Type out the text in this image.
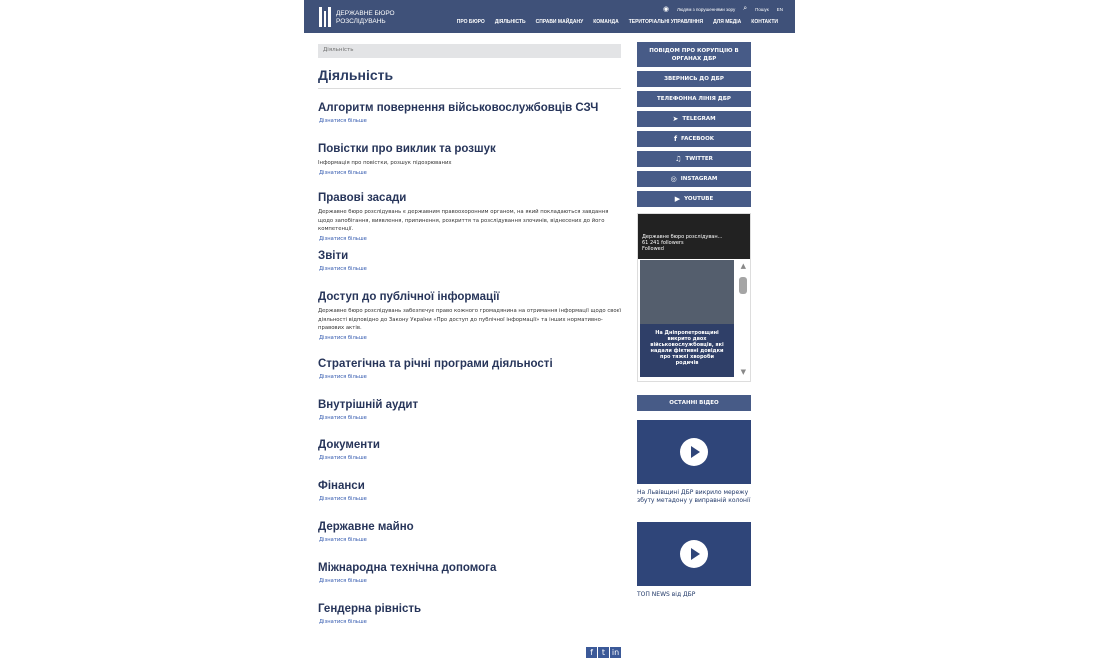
ДЕРЖАВНЕ БЮРО
РОЗСЛІДУВАНЬ
◉ Людям з порушеннями зору ⌕ Пошук EN
ПРО БЮРО ДІЯЛЬНІСТЬ СПРАВИ МАЙДАНУ КОМАНДА ТЕРИТОРІАЛЬНІ УПРАВЛІННЯ ДЛЯ МЕДІА КОНТАКТИ
Діяльність
Діяльність
Алгоритм повернення військовослужбовців СЗЧ
Дізнатися більше
Повістки про виклик та розшук

Інформація про повістки, розшук підозрюваних

Дізнатися більше
Правові засади

Державне бюро розслідувань є державним правоохоронним органом, на який покладаються завдання щодо запобігання, виявлення, припинення, розкриття та розслідування злочинів, віднесених до його компетенції.

Дізнатися більше
Звіти
Дізнатися більше
Доступ до публічної інформації

Державне бюро розслідувань забезпечує право кожного громадянина на отримання інформації щодо своєї діяльності відповідно до Закону України «Про доступ до публічної інформації» та інших нормативно-правових актів.

Дізнатися більше
Стратегічна та річні програми діяльності
Дізнатися більше
Внутрішній аудит
Дізнатися більше
Документи
Дізнатися більше
Фінанси
Дізнатися більше
Державне майно
Дізнатися більше
Міжнародна технічна допомога
Дізнатися більше
Гендерна рівність
Дізнатися більше
ПОВІДОМ ПРО КОРУПЦІЮ В ОРГАНАХ ДБР
ЗВЕРНИСЬ ДО ДБР
ТЕЛЕФОННА ЛІНІЯ ДБР
➤ TELEGRAM
f FACEBOOK
♫ TWITTER
◎ INSTAGRAM
▶ YOUTUBE
Державне бюро розслідуван...
61 241 followers
Followed
На Дніпропетровщині викрито двох військовослужбовців, які надали фіктивні довідки про тяжкі хвороби родичів
▲
▼
ОСТАННІ ВІДЕО
На Львівщині ДБР викрило мережу збуту метадону у виправній колонії
ТОП NEWS від ДБР
f	t in
